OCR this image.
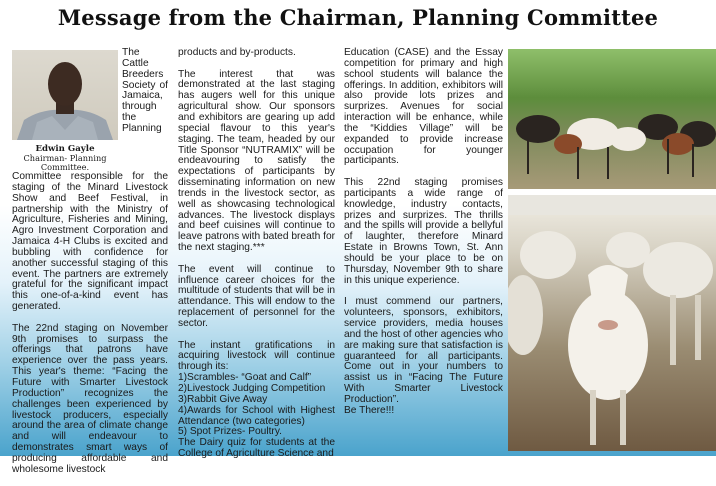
Message from the Chairman, Planning Committee
Edwin Gayle
Chairman- Planning
Committee.

The Cattle Breeders Society of Jamaica, through the Planning Committee responsible for the staging of the Minard Livestock Show and Beef Festival, in partnership with the Ministry of Agriculture, Fisheries and Mining, Agro Investment Corporation and Jamaica 4-H Clubs is excited and bubbling with confidence for another successful staging of this event. The partners are extremely grateful for the significant impact this one-of-a-kind event has generated.

The 22nd staging on November 9th promises to surpass the offerings that patrons have experience over the pass years. This year's theme: “Facing the Future with Smarter Livestock Production” recognizes the challenges been experienced by livestock producers, especially around the area of climate change and will endeavour to demonstrates smart ways of producing affordable and wholesome livestock

products and by-products.

The interest that was demonstrated at the last staging has augers well for this unique agricultural show. Our sponsors and exhibitors are gearing up add special flavour to this year's staging. The team, headed by our Title Sponsor “NUTRAMIX” will be endeavouring to satisfy the expectations of participants by disseminating information on new trends in the livestock sector, as well as showcasing technological advances. The livestock displays and beef cuisines will continue to leave patrons with bated breath for the next staging.***

The event will continue to influence career choices for the multitude of students that will be in attendance. This will endow to the replacement of personnel for the sector.

The instant gratifications in acquiring livestock will continue through its:

1)Scrambles- “Goat and Calf”
2)Livestock Judging Competition
3)Rabbit Give Away
4)Awards for School with Highest Attendance (two categories)
5) Spot Prizes- Poultry.

The Dairy quiz for students at the College of Agriculture Science and

Education (CASE) and the Essay competition for primary and high school students will balance the offerings. In addition, exhibitors will also provide lots prizes and surprizes. Avenues for social interaction will be enhance, while the “Kiddies Village” will be expanded to provide increase occupation for younger participants.

This 22nd staging promises participants a wide range of knowledge, industry contacts, prizes and surprizes. The thrills and the spills will provide a bellyful of laughter, therefore Minard Estate in Browns Town, St. Ann should be your place to be on Thursday, November 9th to share in this unique experience.

I must commend our partners, volunteers, sponsors, exhibitors, service providers, media houses and the host of other agencies who are making sure that satisfaction is guaranteed for all participants. Come out in your numbers to assist us in “Facing The Future With Smarter Livestock Production”.

Be There!!!
